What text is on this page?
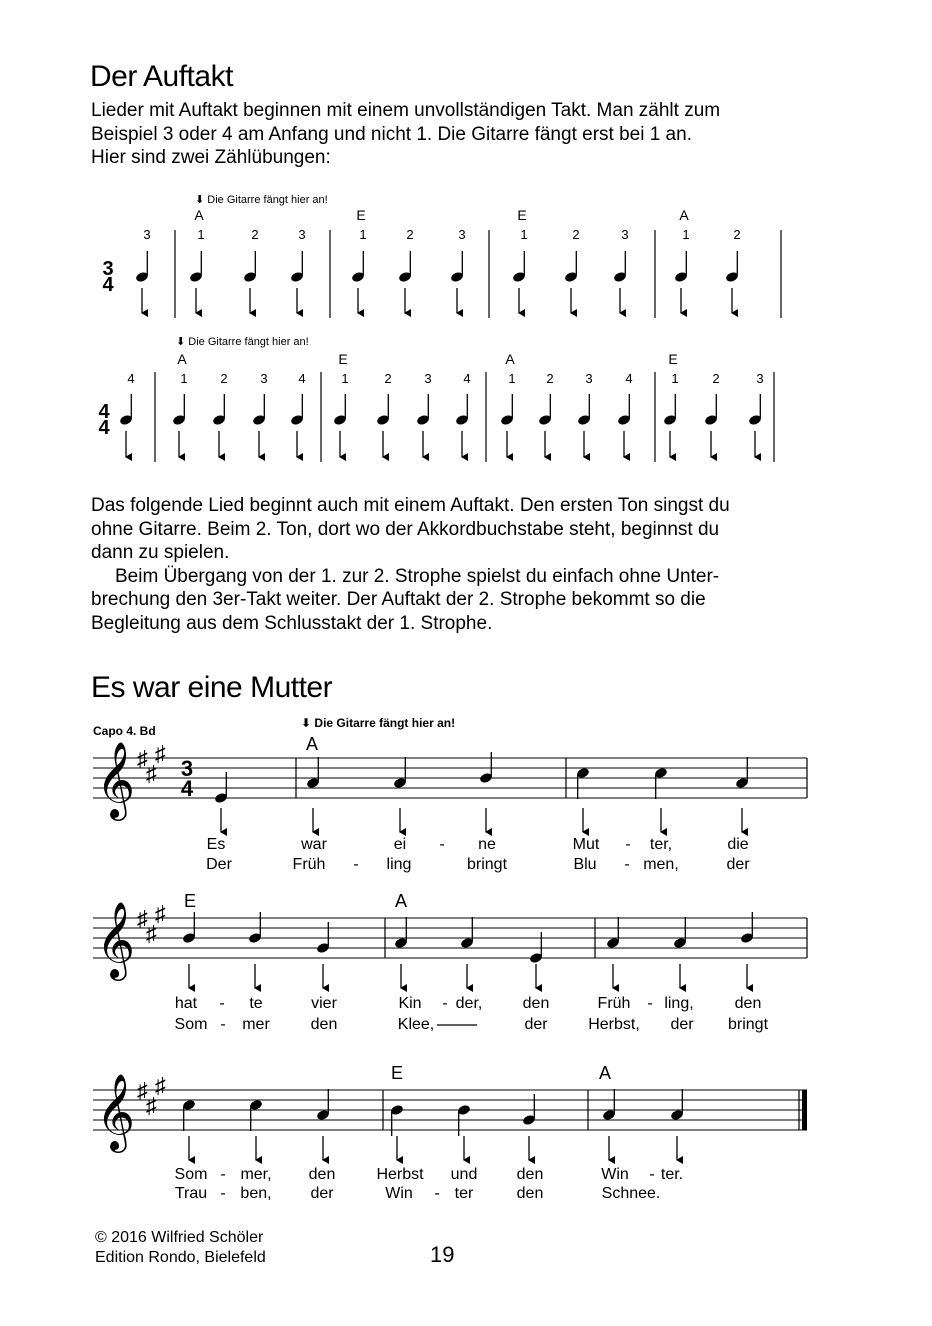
Der Auftakt

Lieder mit Auftakt beginnen mit einem unvollständigen Takt. Man zählt zum

Beispiel 3 oder 4 am Anfang und nicht 1. Die Gitarre fängt erst bei 1 an.

Hier sind zwei Zählübungen:

⬇ Die Gitarre fängt hier an!
⬇ Die Gitarre fängt hier an!

Das folgende Lied beginnt auch mit einem Auftakt. Den ersten Ton singst du

ohne Gitarre. Beim 2. Ton, dort wo der Akkordbuchstabe steht, beginnst du

dann zu spielen.

Beim Übergang von der 1. zur 2. Strophe spielst du einfach ohne Unter-

brechung den 3er-Takt weiter. Der Auftakt der 2. Strophe bekommt so die

Begleitung aus dem Schlusstakt der 1. Strophe.

Es war eine Mutter
Capo 4. Bd
⬇ Die Gitarre fängt hier an!
© 2016 Wilfried Schöler
Edition Rondo, Bielefeld	19
3
4
3	1	2	3	1	2	3	1	2	3	1	2
A	E	E	A
4
4
4	1	2	3 4	1	2	3 4	1 2 3	4	1	2	3
A	E	A	E
𝄞 ♯
♯
♯
3
4
A
Es	war	ei - ne	Mut - ter,	die
Der	Früh - ling	bringt	Blu - men,	der
𝄞 ♯
♯
♯ E	A
hat - te	vier	Kin - der,	den	Früh - ling,	den
Som - mer	den	Klee,	der	Herbst, der bringt
𝄞 ♯
♯
♯	E	A
Som - mer, den	Herbst und den	Win - ter.
Trau - ben, der	Win - ter	den	Schnee.
